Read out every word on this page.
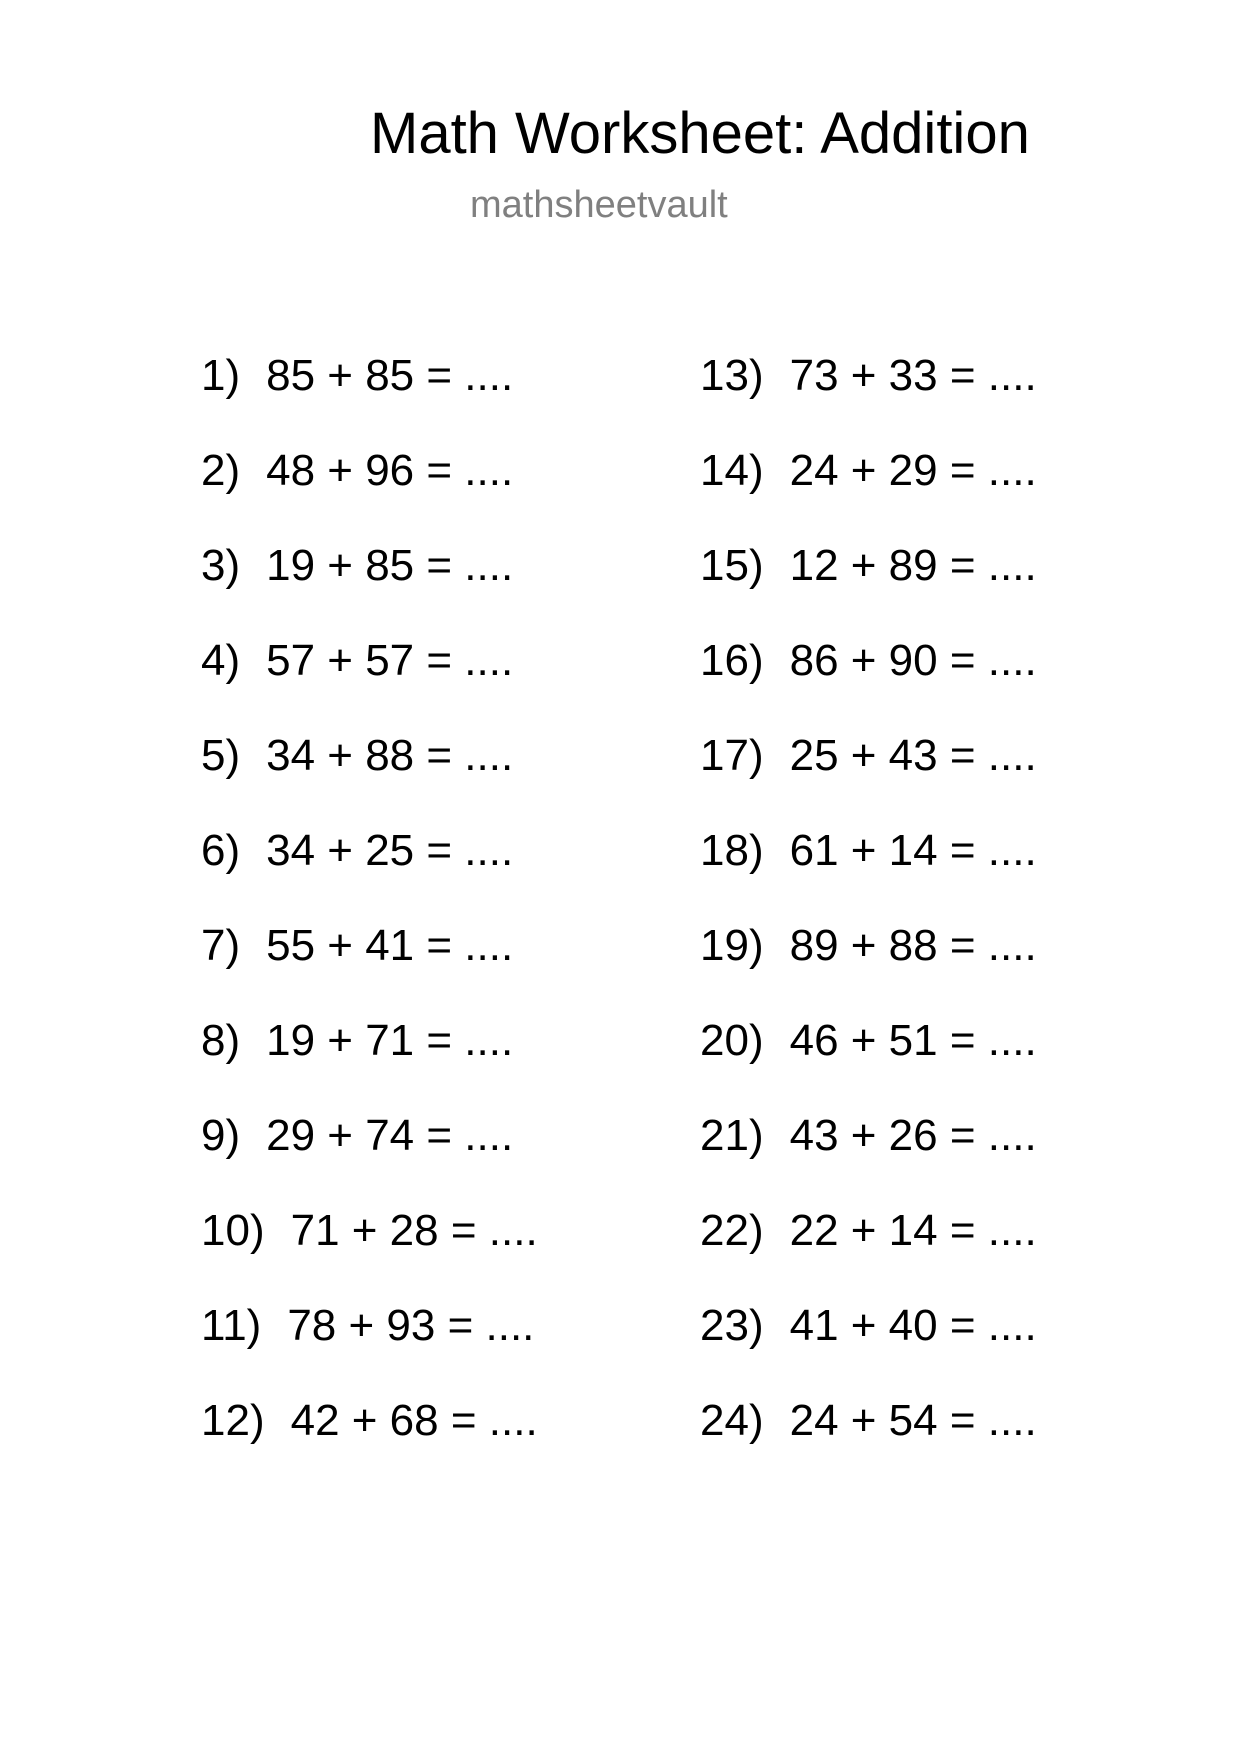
Math Worksheet: Addition
mathsheetvault
1) 85 + 85 = ....
2) 48 + 96 = ....
3) 19 + 85 = ....
4) 57 + 57 = ....
5) 34 + 88 = ....
6) 34 + 25 = ....
7) 55 + 41 = ....
8) 19 + 71 = ....
9) 29 + 74 = ....
10) 71 + 28 = ....
11) 78 + 93 = ....
12) 42 + 68 = ....
13) 73 + 33 = ....
14) 24 + 29 = ....
15) 12 + 89 = ....
16) 86 + 90 = ....
17) 25 + 43 = ....
18) 61 + 14 = ....
19) 89 + 88 = ....
20) 46 + 51 = ....
21) 43 + 26 = ....
22) 22 + 14 = ....
23) 41 + 40 = ....
24) 24 + 54 = ....
